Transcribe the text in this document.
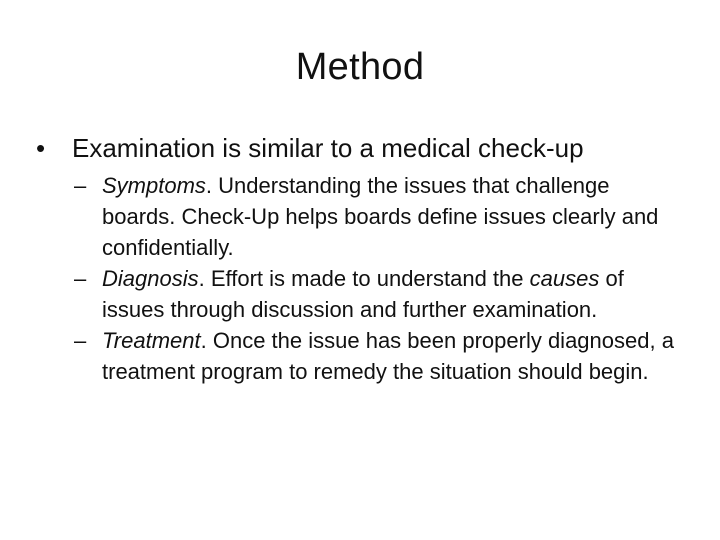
Method
•	Examination is similar to a medical check-up
– Symptoms. Understanding the issues that challenge boards. Check-Up helps boards define issues clearly and confidentially.
– Diagnosis. Effort is made to understand the causes of issues through discussion and further examination.
– Treatment. Once the issue has been properly diagnosed, a treatment program to remedy the situation should begin.
